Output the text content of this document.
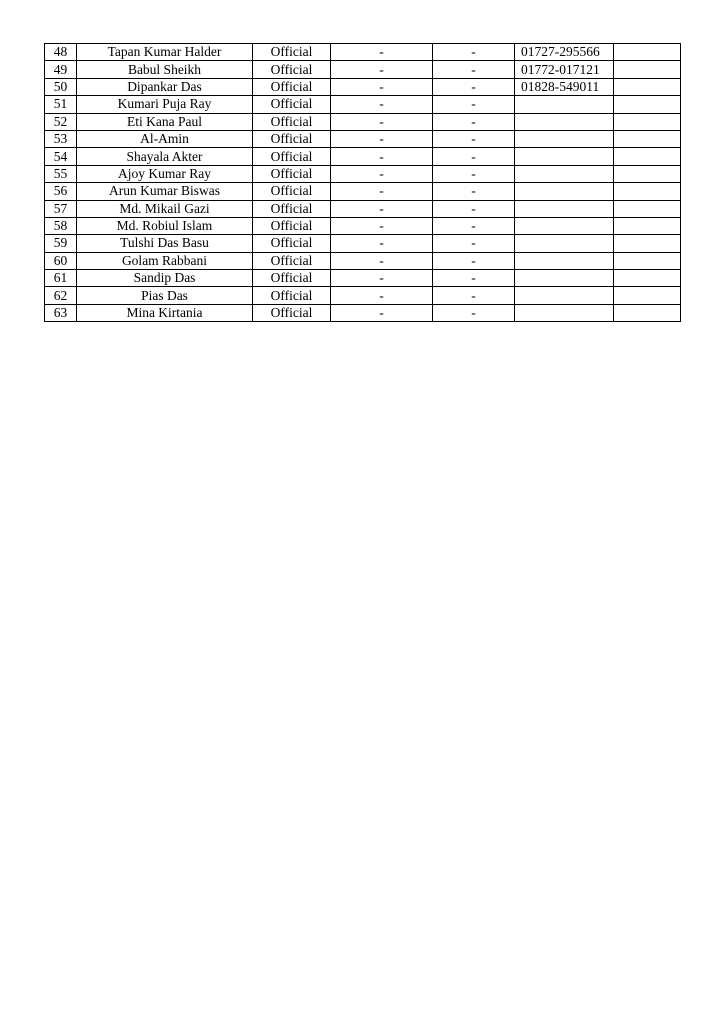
48	Tapan Kumar Halder	Official	-	-	01727-295566	
49	Babul Sheikh	Official	-	-	01772-017121	
50	Dipankar Das	Official	-	-	01828-549011	
51	Kumari Puja Ray	Official	-	-		
52	Eti Kana Paul	Official	-	-		
53	Al-Amin	Official	-	-		
54	Shayala Akter	Official	-	-		
55	Ajoy Kumar Ray	Official	-	-		
56	Arun Kumar Biswas	Official	-	-		
57	Md. Mikail Gazi	Official	-	-		
58	Md. Robiul Islam	Official	-	-		
59	Tulshi Das Basu	Official	-	-		
60	Golam Rabbani	Official	-	-		
61	Sandip Das	Official	-	-		
62	Pias Das	Official	-	-		
63	Mina Kirtania	Official	-	-		
